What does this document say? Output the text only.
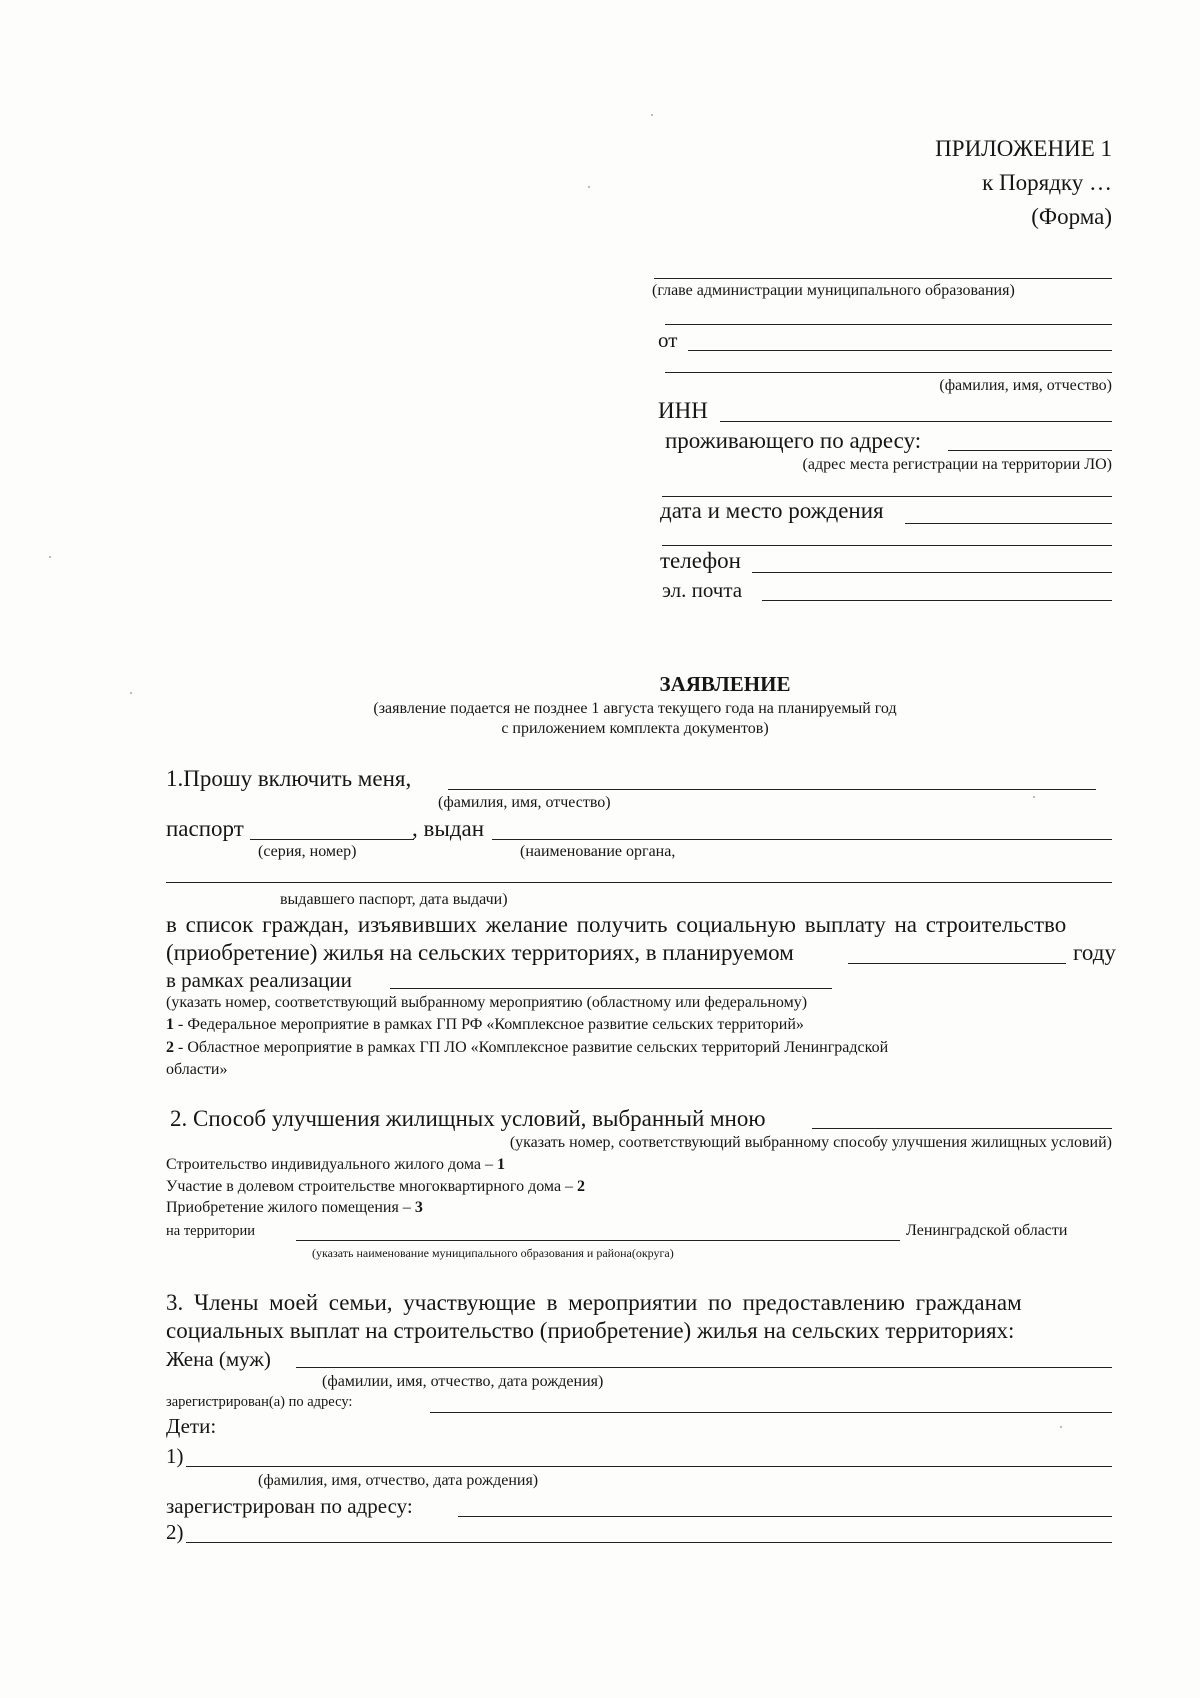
ПРИЛОЖЕНИЕ 1
к Порядку …
(Форма)
(главе администрации муниципального образования)
от
(фамилия, имя, отчество)
ИНН
проживающего по адресу:
(адрес места регистрации на территории ЛО)
дата и место рождения
телефон
эл. почта
ЗАЯВЛЕНИЕ
(заявление подается не позднее 1 августа текущего года на планируемый год
с приложением комплекта документов)
1.Прошу включить меня,
(фамилия, имя, отчество)
паспорт	, выдан
(серия, номер)	(наименование органа,
выдавшего паспорт, дата выдачи)
в список граждан, изъявивших желание получить социальную выплату на строительство
(приобретение) жилья на сельских территориях, в планируемом	году
в рамках реализации
(указать номер, соответствующий выбранному мероприятию (областному или федеральному)
1 - Федеральное мероприятие в рамках ГП РФ «Комплексное развитие сельских территорий»
2 - Областное мероприятие в рамках ГП ЛО «Комплексное развитие сельских территорий Ленинградской
области»
2. Способ улучшения жилищных условий, выбранный мною
(указать номер, соответствующий выбранному способу улучшения жилищных условий)
Строительство индивидуального жилого дома – 1
Участие в долевом строительстве многоквартирного дома – 2
Приобретение жилого помещения – 3
на территории	Ленинградской области
(указать наименование муниципального образования и района(округа)
3. Члены моей семьи, участвующие в мероприятии по предоставлению гражданам
социальных выплат на строительство (приобретение) жилья на сельских территориях:
Жена (муж)
(фамилии, имя, отчество, дата рождения)
зарегистрирован(а) по адресу:
Дети:
1)
(фамилия, имя, отчество, дата рождения)
зарегистрирован по адресу:
2)
